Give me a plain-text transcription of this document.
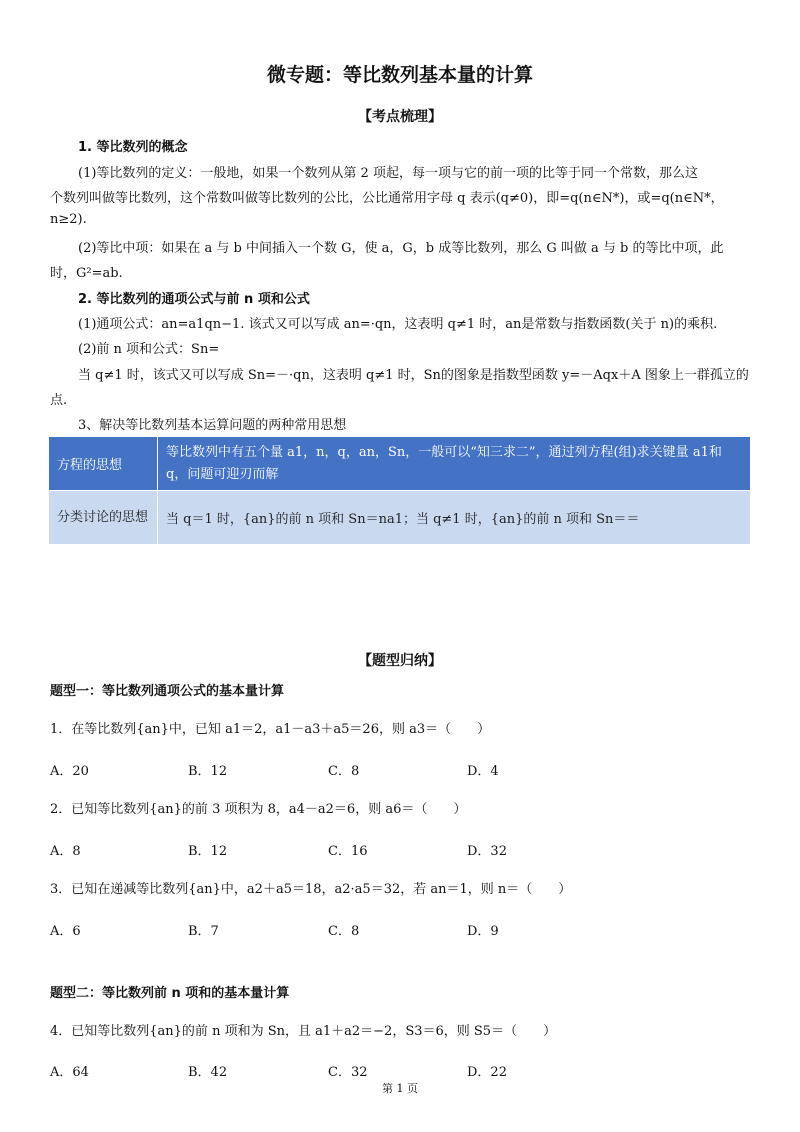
微专题：等比数列基本量的计算
【考点梳理】
1. 等比数列的概念
(1)等比数列的定义：一般地，如果一个数列从第 2 项起，每一项与它的前一项的比等于同一个常数，那么这
个数列叫做等比数列，这个常数叫做等比数列的公比，公比通常用字母 q 表示(q≠0)，即=q(n∈N*)，或=q(n∈N*，
n≥2).
(2)等比中项：如果在 a 与 b 中间插入一个数 G，使 a，G，b 成等比数列，那么 G 叫做 a 与 b 的等比中项，此
时，G²=ab.
2. 等比数列的通项公式与前 n 项和公式
(1)通项公式：an=a1qn−1. 该式又可以写成 an=·qn，这表明 q≠1 时，an是常数与指数函数(关于 n)的乘积.
(2)前 n 项和公式：Sn=
当 q≠1 时，该式又可以写成 Sn=－·qn，这表明 q≠1 时，Sn的图象是指数型函数 y=－Aqx＋A 图象上一群孤立的
点.
3、解决等比数列基本运算问题的两种常用思想
方程的思想	等比数列中有五个量 a1，n，q，an，Sn，一般可以“知三求二”，通过列方程(组)求关键量 a1和 q，问题可迎刃而解
分类讨论的思想	当 q＝1 时，{an}的前 n 项和 Sn＝na1；当 q≠1 时，{an}的前 n 项和 Sn＝＝
【题型归纳】
题型一：等比数列通项公式的基本量计算
1．在等比数列{an}中，已知 a1＝2，a1－a3＋a5＝26，则 a3＝（　　）
A．20	B．12	C．8	D．4
2．已知等比数列{an}的前 3 项积为 8，a4－a2＝6，则 a6＝（　　）
A．8	B．12	C．16	D．32
3．已知在递减等比数列{an}中，a2＋a5＝18，a2·a5＝32，若 an＝1，则 n＝（　　）
A．6	B．7	C．8	D．9
题型二：等比数列前 n 项和的基本量计算
4．已知等比数列{an}的前 n 项和为 Sn，且 a1＋a2＝−2，S3＝6，则 S5＝（　　）
A．64	B．42	C．32	D．22
第 1 页
